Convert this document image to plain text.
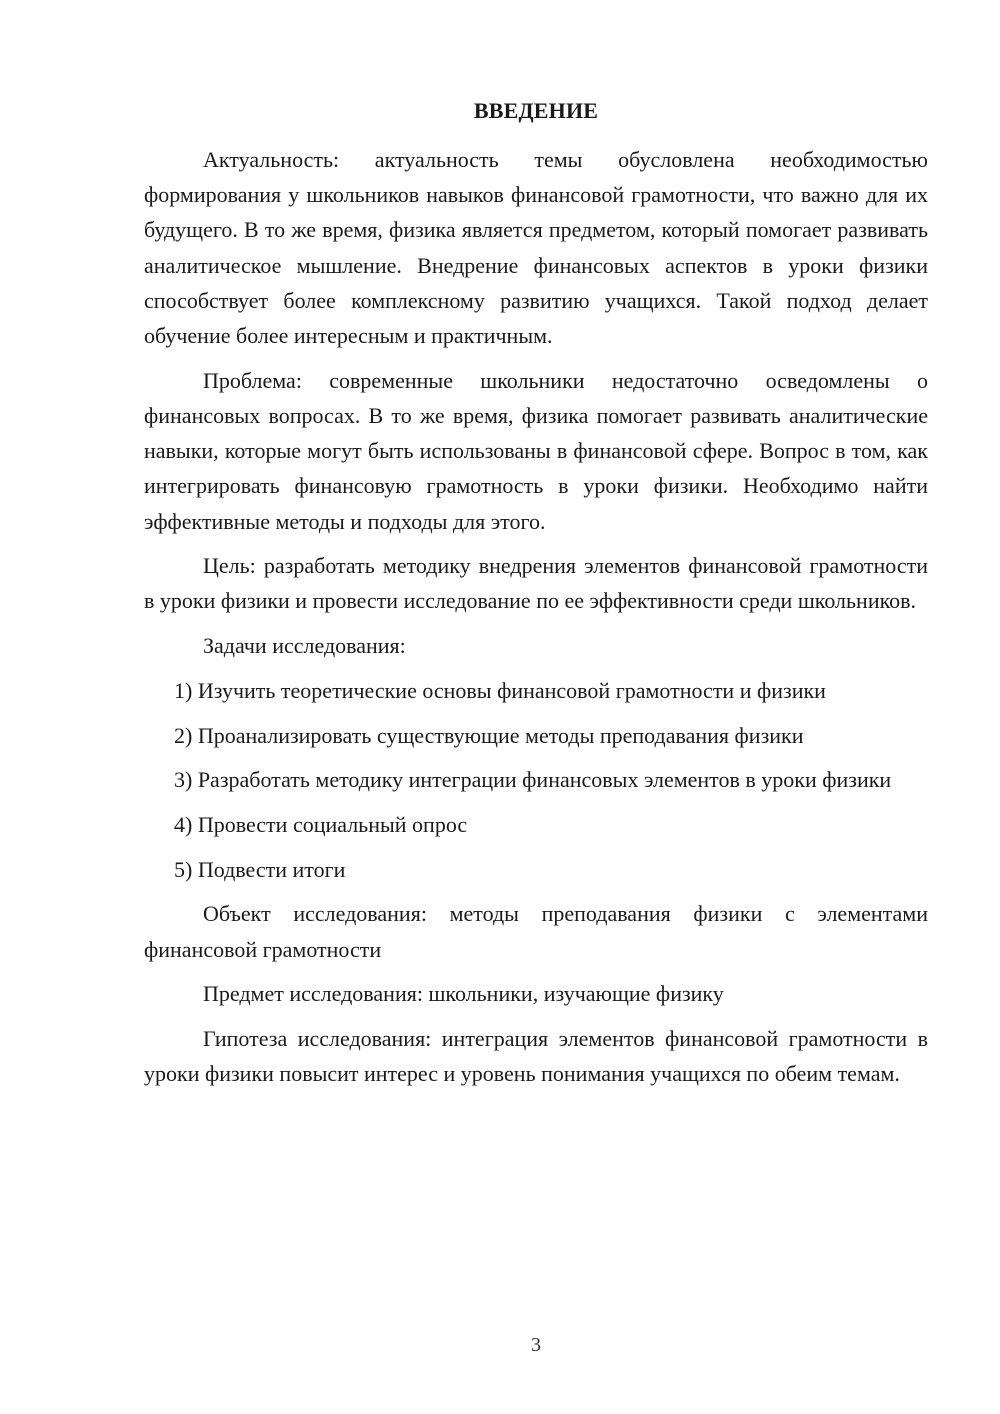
ВВЕДЕНИЕ

Актуальность: актуальность темы обусловлена необходимостью формирования у школьников навыков финансовой грамотности, что важно для их будущего. В то же время, физика является предметом, который помогает развивать аналитическое мышление. Внедрение финансовых аспектов в уроки физики способствует более комплексному развитию учащихся. Такой подход делает обучение более интересным и практичным.

Проблема: современные школьники недостаточно осведомлены о финансовых вопросах. В то же время, физика помогает развивать аналитические навыки, которые могут быть использованы в финансовой сфере. Вопрос в том, как интегрировать финансовую грамотность в уроки физики. Необходимо найти эффективные методы и подходы для этого.

Цель: разработать методику внедрения элементов финансовой грамотности в уроки физики и провести исследование по ее эффективности среди школьников.

Задачи исследования:

1) Изучить теоретические основы финансовой грамотности и физики

2) Проанализировать существующие методы преподавания физики

3) Разработать методику интеграции финансовых элементов в уроки физики

4) Провести социальный опрос

5) Подвести итоги

Объект исследования: методы преподавания физики с элементами финансовой грамотности

Предмет исследования: школьники, изучающие физику

Гипотеза исследования: интеграция элементов финансовой грамотности в уроки физики повысит интерес и уровень понимания учащихся по обеим темам.

3
